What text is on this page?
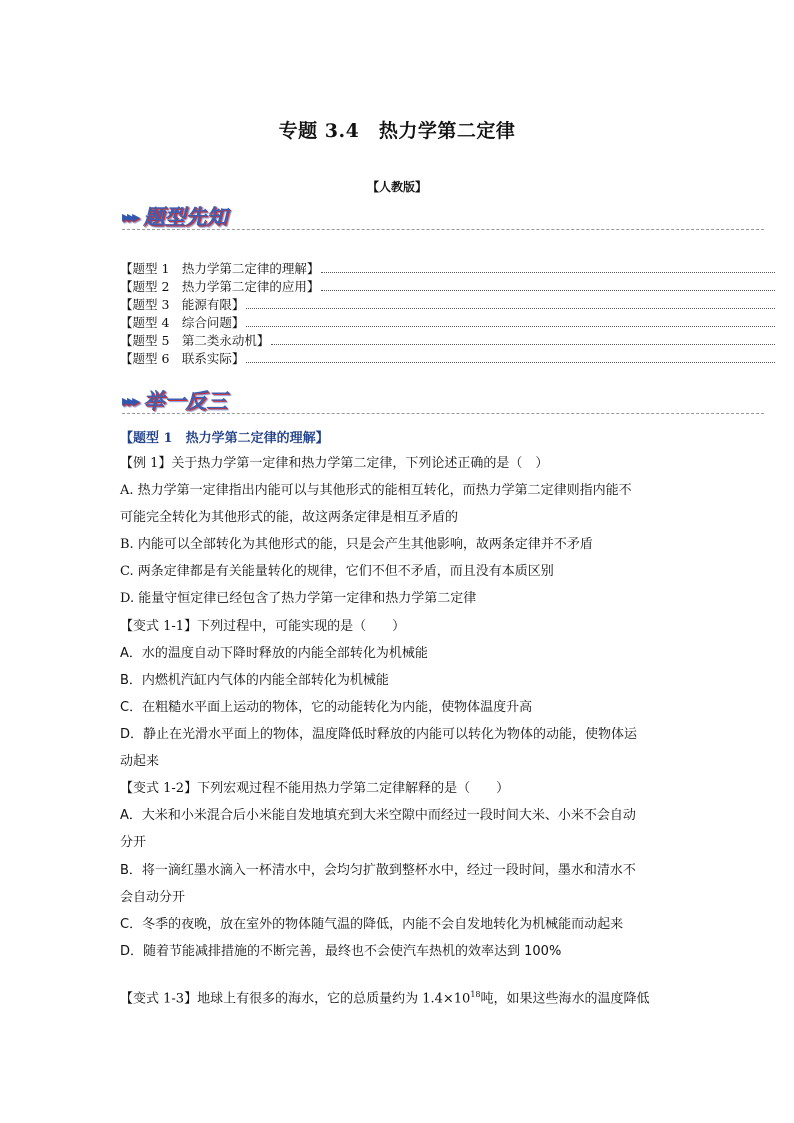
专题 3.4　热力学第二定律
【人教版】
▸▸▸ 题型先知
【题型 1　热力学第二定律的理解】
【题型 2　热力学第二定律的应用】
【题型 3　能源有限】
【题型 4　综合问题】
【题型 5　第二类永动机】
【题型 6　联系实际】
▸▸▸ 举一反三
【题型 1　热力学第二定律的理解】
【例 1】关于热力学第一定律和热力学第二定律，下列论述正确的是（　）
A. 热力学第一定律指出内能可以与其他形式的能相互转化，而热力学第二定律则指内能不
可能完全转化为其他形式的能，故这两条定律是相互矛盾的
B. 内能可以全部转化为其他形式的能，只是会产生其他影响，故两条定律并不矛盾
C. 两条定律都是有关能量转化的规律，它们不但不矛盾，而且没有本质区别
D. 能量守恒定律已经包含了热力学第一定律和热力学第二定律
【变式 1-1】下列过程中，可能实现的是（　　）
A．水的温度自动下降时释放的内能全部转化为机械能
B．内燃机汽缸内气体的内能全部转化为机械能
C．在粗糙水平面上运动的物体，它的动能转化为内能，使物体温度升高
D．静止在光滑水平面上的物体，温度降低时释放的内能可以转化为物体的动能，使物体运
动起来
【变式 1-2】下列宏观过程不能用热力学第二定律解释的是（　　）
A．大米和小米混合后小米能自发地填充到大米空隙中而经过一段时间大米、小米不会自动
分开
B．将一滴红墨水滴入一杯清水中，会均匀扩散到整杯水中，经过一段时间，墨水和清水不
会自动分开
C．冬季的夜晚，放在室外的物体随气温的降低，内能不会自发地转化为机械能而动起来
D．随着节能减排措施的不断完善，最终也不会使汽车热机的效率达到 100%
【变式 1-3】地球上有很多的海水，它的总质量约为 $1.4\times 10^{18}$吨，如果这些海水的温度降低
